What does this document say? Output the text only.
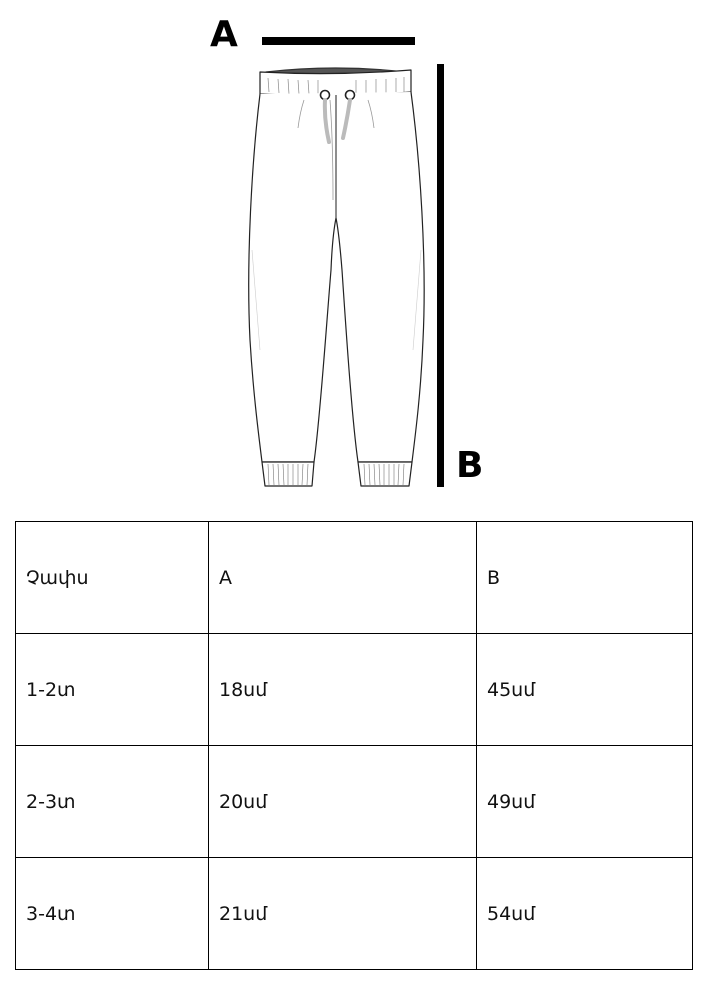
A
B
Չափս	A	B
1-2տ	18սմ	45սմ
2-3տ	20սմ	49սմ
3-4տ	21սմ	54սմ
